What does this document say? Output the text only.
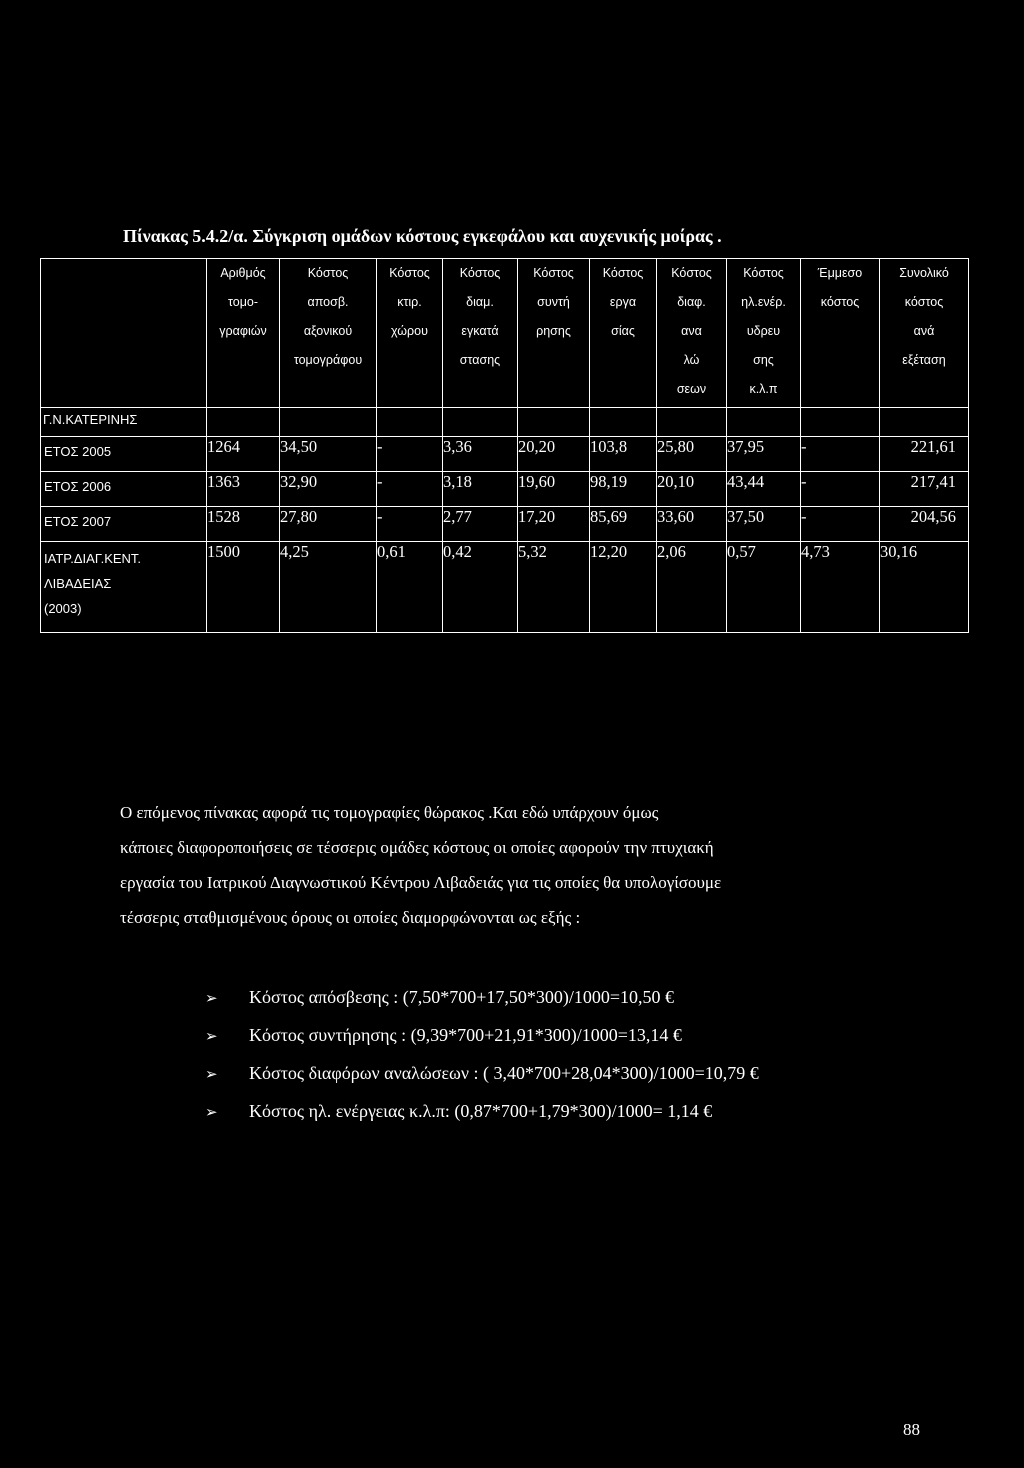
Πίνακας 5.4.2/α. Σύγκριση ομάδων κόστους εγκεφάλου και αυχενικής μοίρας .

	Αριθμός
τομο-
γραφιών	Κόστος
αποσβ.
αξονικού
τομογράφου	Κόστος
κτιρ.
χώρου	Κόστος
διαμ.
εγκατά
στασης	Κόστος
συντή
ρησης	Κόστος
εργα
σίας	Κόστος
διαφ.
ανα
λώ
σεων	Κόστος
ηλ.ενέρ.
υδρευ
σης
κ.λ.π	Έμμεσο
κόστος	Συνολικό
κόστος
ανά
εξέταση

Γ.Ν.ΚΑΤΕΡΙΝΗΣ										
ΕΤΟΣ 2005	1264	34,50	-	3,36	20,20	103,8	25,80	37,95	-	221,61
ΕΤΟΣ 2006	1363	32,90	-	3,18	19,60	98,19	20,10	43,44	-	217,41
ΕΤΟΣ 2007	1528	27,80	-	2,77	17,20	85,69	33,60	37,50	-	204,56

ΙΑΤΡ.ΔΙΑΓ.ΚΕΝΤ.
ΛΙΒΑΔΕΙΑΣ
(2003)	1500	4,25	0,61	0,42	5,32	12,20	2,06	0,57	4,73	30,16
Ο επόμενος πίνακας αφορά τις τομογραφίες θώρακος .Και εδώ υπάρχουν όμως
κάποιες διαφοροποιήσεις σε τέσσερις ομάδες κόστους οι οποίες αφορούν την πτυχιακή
εργασία του Ιατρικού Διαγνωστικού Κέντρου Λιβαδειάς για τις οποίες θα υπολογίσουμε
τέσσερις σταθμισμένους όρους οι οποίες διαμορφώνονται ως εξής :
➢ Κόστος απόσβεσης : (7,50*700+17,50*300)/1000=10,50 €
➢ Κόστος συντήρησης : (9,39*700+21,91*300)/1000=13,14 €
➢ Κόστος διαφόρων αναλώσεων : ( 3,40*700+28,04*300)/1000=10,79 €
➢ Κόστος ηλ. ενέργειας κ.λ.π: (0,87*700+1,79*300)/1000= 1,14 €
88
